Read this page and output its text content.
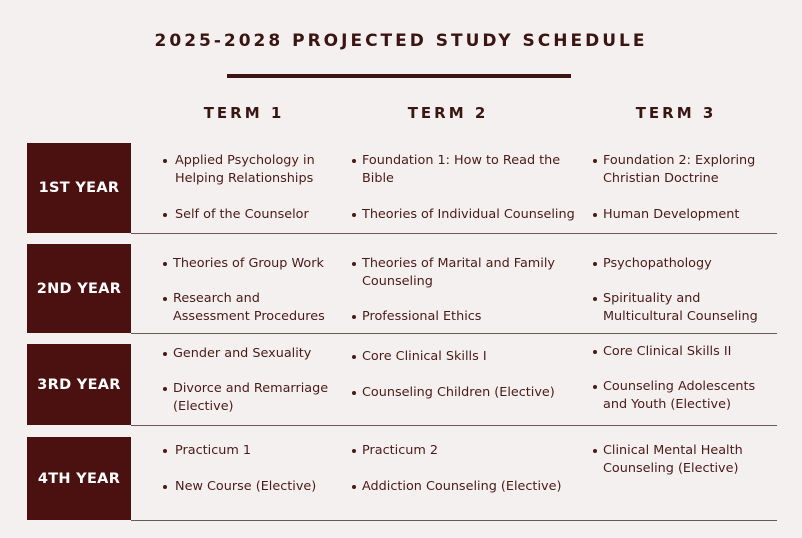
2025-2028 PROJECTED STUDY SCHEDULE
TERM 1	TERM 2	TERM 3
1ST YEAR
2ND YEAR
3RD YEAR
4TH YEAR
Applied Psychology in Helping Relationships
Self of the Counselor
Foundation 1: How to Read the Bible
Theories of Individual Counseling
Foundation 2: Exploring Christian Doctrine
Human Development
Theories of Group Work
Research and Assessment Procedures
Theories of Marital and Family Counseling
Professional Ethics
Psychopathology
Spirituality and Multicultural Counseling
Gender and Sexuality
Divorce and Remarriage (Elective)
Core Clinical Skills I
Counseling Children (Elective)
Core Clinical Skills II
Counseling Adolescents and Youth (Elective)
Practicum 1
New Course (Elective)
Practicum 2
Addiction Counseling (Elective)
Clinical Mental Health Counseling (Elective)
